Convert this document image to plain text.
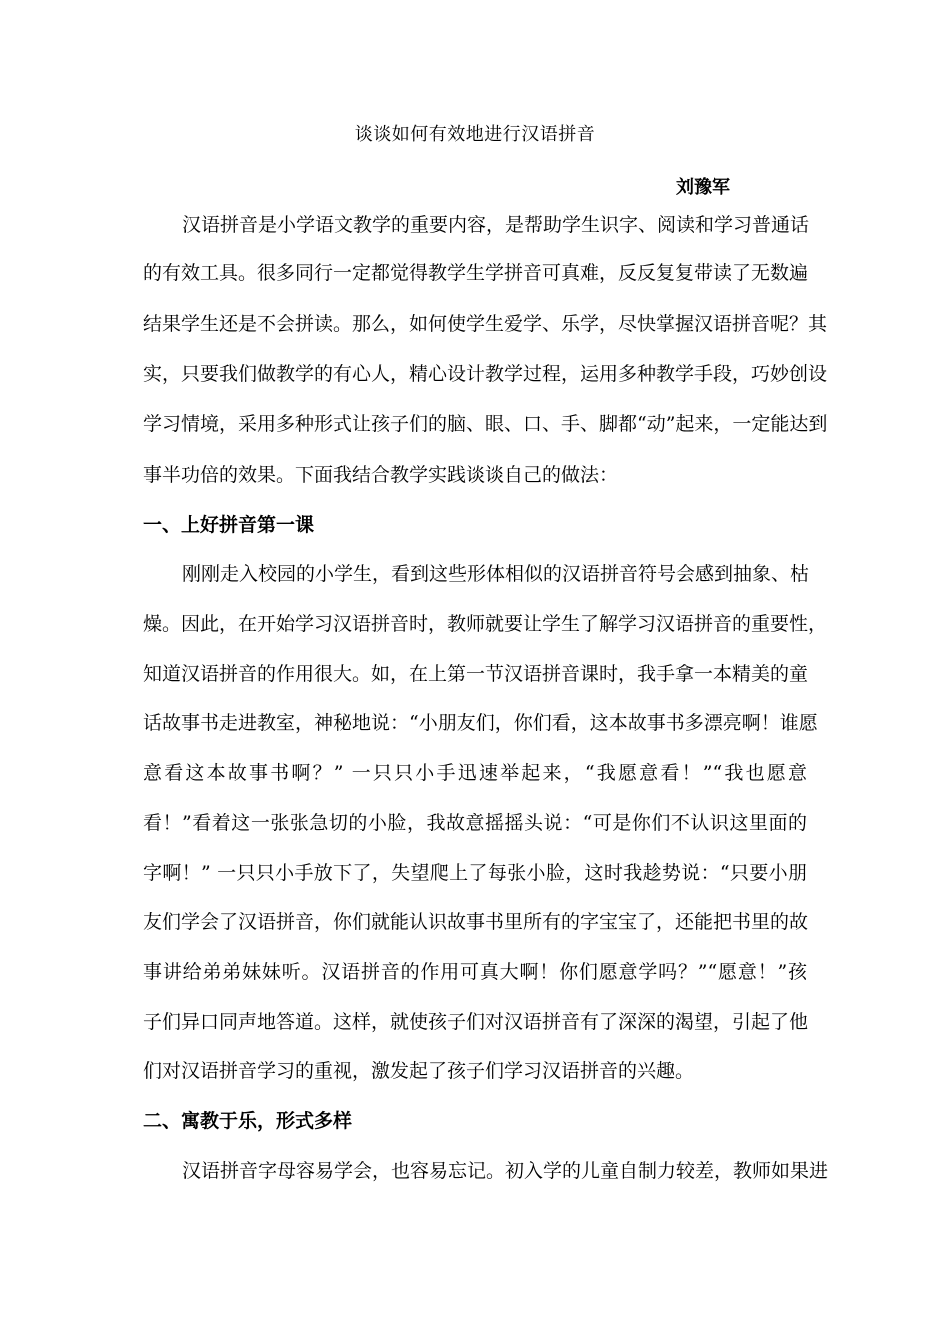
谈谈如何有效地进行汉语拼音
刘豫军
汉语拼音是小学语文教学的重要内容，是帮助学生识字、阅读和学习普通话
的有效工具。很多同行一定都觉得教学生学拼音可真难，反反复复带读了无数遍
结果学生还是不会拼读。那么，如何使学生爱学、乐学，尽快掌握汉语拼音呢？其
实，只要我们做教学的有心人，精心设计教学过程，运用多种教学手段，巧妙创设
学习情境，采用多种形式让孩子们的脑、眼、口、手、脚都“动”起来，一定能达到
事半功倍的效果。下面我结合教学实践谈谈自己的做法：
一、上好拼音第一课
刚刚走入校园的小学生，看到这些形体相似的汉语拼音符号会感到抽象、枯
燥。因此，在开始学习汉语拼音时，教师就要让学生了解学习汉语拼音的重要性，
知道汉语拼音的作用很大。如，在上第一节汉语拼音课时，我手拿一本精美的童
话故事书走进教室，神秘地说：“小朋友们，你们看，这本故事书多漂亮啊！谁愿
意看这本故事书啊？” 一只只小手迅速举起来，“我愿意看！”“我也愿意
看！”看着这一张张急切的小脸，我故意摇摇头说：“可是你们不认识这里面的
字啊！” 一只只小手放下了，失望爬上了每张小脸，这时我趁势说：“只要小朋
友们学会了汉语拼音，你们就能认识故事书里所有的字宝宝了，还能把书里的故
事讲给弟弟妹妹听。汉语拼音的作用可真大啊！你们愿意学吗？”“愿意！”孩
子们异口同声地答道。这样，就使孩子们对汉语拼音有了深深的渴望，引起了他
们对汉语拼音学习的重视，激发起了孩子们学习汉语拼音的兴趣。
二、寓教于乐，形式多样
汉语拼音字母容易学会，也容易忘记。初入学的儿童自制力较差，教师如果进
